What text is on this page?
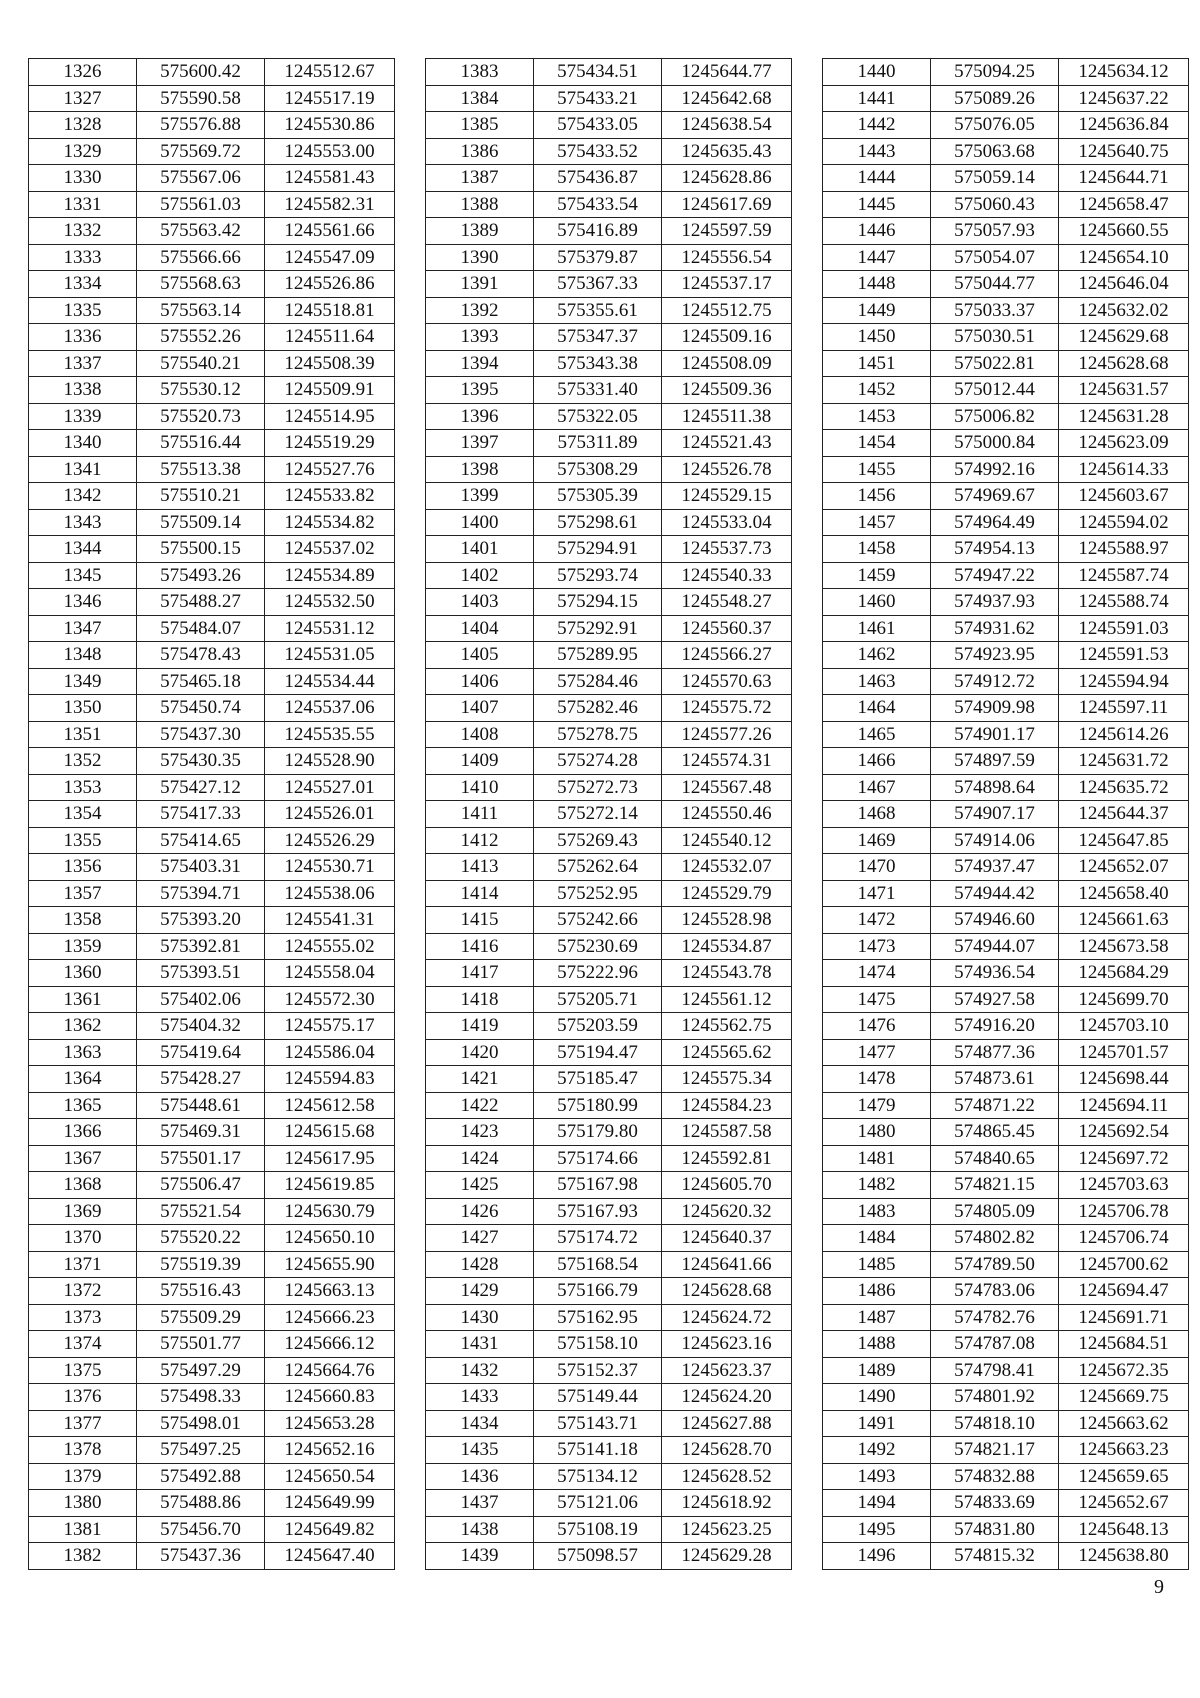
1326	575600.42	1245512.67
1327	575590.58	1245517.19
1328	575576.88	1245530.86
1329	575569.72	1245553.00
1330	575567.06	1245581.43
1331	575561.03	1245582.31
1332	575563.42	1245561.66
1333	575566.66	1245547.09
1334	575568.63	1245526.86
1335	575563.14	1245518.81
1336	575552.26	1245511.64
1337	575540.21	1245508.39
1338	575530.12	1245509.91
1339	575520.73	1245514.95
1340	575516.44	1245519.29
1341	575513.38	1245527.76
1342	575510.21	1245533.82
1343	575509.14	1245534.82
1344	575500.15	1245537.02
1345	575493.26	1245534.89
1346	575488.27	1245532.50
1347	575484.07	1245531.12
1348	575478.43	1245531.05
1349	575465.18	1245534.44
1350	575450.74	1245537.06
1351	575437.30	1245535.55
1352	575430.35	1245528.90
1353	575427.12	1245527.01
1354	575417.33	1245526.01
1355	575414.65	1245526.29
1356	575403.31	1245530.71
1357	575394.71	1245538.06
1358	575393.20	1245541.31
1359	575392.81	1245555.02
1360	575393.51	1245558.04
1361	575402.06	1245572.30
1362	575404.32	1245575.17
1363	575419.64	1245586.04
1364	575428.27	1245594.83
1365	575448.61	1245612.58
1366	575469.31	1245615.68
1367	575501.17	1245617.95
1368	575506.47	1245619.85
1369	575521.54	1245630.79
1370	575520.22	1245650.10
1371	575519.39	1245655.90
1372	575516.43	1245663.13
1373	575509.29	1245666.23
1374	575501.77	1245666.12
1375	575497.29	1245664.76
1376	575498.33	1245660.83
1377	575498.01	1245653.28
1378	575497.25	1245652.16
1379	575492.88	1245650.54
1380	575488.86	1245649.99
1381	575456.70	1245649.82
1382	575437.36	1245647.40
1383	575434.51	1245644.77
1384	575433.21	1245642.68
1385	575433.05	1245638.54
1386	575433.52	1245635.43
1387	575436.87	1245628.86
1388	575433.54	1245617.69
1389	575416.89	1245597.59
1390	575379.87	1245556.54
1391	575367.33	1245537.17
1392	575355.61	1245512.75
1393	575347.37	1245509.16
1394	575343.38	1245508.09
1395	575331.40	1245509.36
1396	575322.05	1245511.38
1397	575311.89	1245521.43
1398	575308.29	1245526.78
1399	575305.39	1245529.15
1400	575298.61	1245533.04
1401	575294.91	1245537.73
1402	575293.74	1245540.33
1403	575294.15	1245548.27
1404	575292.91	1245560.37
1405	575289.95	1245566.27
1406	575284.46	1245570.63
1407	575282.46	1245575.72
1408	575278.75	1245577.26
1409	575274.28	1245574.31
1410	575272.73	1245567.48
1411	575272.14	1245550.46
1412	575269.43	1245540.12
1413	575262.64	1245532.07
1414	575252.95	1245529.79
1415	575242.66	1245528.98
1416	575230.69	1245534.87
1417	575222.96	1245543.78
1418	575205.71	1245561.12
1419	575203.59	1245562.75
1420	575194.47	1245565.62
1421	575185.47	1245575.34
1422	575180.99	1245584.23
1423	575179.80	1245587.58
1424	575174.66	1245592.81
1425	575167.98	1245605.70
1426	575167.93	1245620.32
1427	575174.72	1245640.37
1428	575168.54	1245641.66
1429	575166.79	1245628.68
1430	575162.95	1245624.72
1431	575158.10	1245623.16
1432	575152.37	1245623.37
1433	575149.44	1245624.20
1434	575143.71	1245627.88
1435	575141.18	1245628.70
1436	575134.12	1245628.52
1437	575121.06	1245618.92
1438	575108.19	1245623.25
1439	575098.57	1245629.28
1440	575094.25	1245634.12
1441	575089.26	1245637.22
1442	575076.05	1245636.84
1443	575063.68	1245640.75
1444	575059.14	1245644.71
1445	575060.43	1245658.47
1446	575057.93	1245660.55
1447	575054.07	1245654.10
1448	575044.77	1245646.04
1449	575033.37	1245632.02
1450	575030.51	1245629.68
1451	575022.81	1245628.68
1452	575012.44	1245631.57
1453	575006.82	1245631.28
1454	575000.84	1245623.09
1455	574992.16	1245614.33
1456	574969.67	1245603.67
1457	574964.49	1245594.02
1458	574954.13	1245588.97
1459	574947.22	1245587.74
1460	574937.93	1245588.74
1461	574931.62	1245591.03
1462	574923.95	1245591.53
1463	574912.72	1245594.94
1464	574909.98	1245597.11
1465	574901.17	1245614.26
1466	574897.59	1245631.72
1467	574898.64	1245635.72
1468	574907.17	1245644.37
1469	574914.06	1245647.85
1470	574937.47	1245652.07
1471	574944.42	1245658.40
1472	574946.60	1245661.63
1473	574944.07	1245673.58
1474	574936.54	1245684.29
1475	574927.58	1245699.70
1476	574916.20	1245703.10
1477	574877.36	1245701.57
1478	574873.61	1245698.44
1479	574871.22	1245694.11
1480	574865.45	1245692.54
1481	574840.65	1245697.72
1482	574821.15	1245703.63
1483	574805.09	1245706.78
1484	574802.82	1245706.74
1485	574789.50	1245700.62
1486	574783.06	1245694.47
1487	574782.76	1245691.71
1488	574787.08	1245684.51
1489	574798.41	1245672.35
1490	574801.92	1245669.75
1491	574818.10	1245663.62
1492	574821.17	1245663.23
1493	574832.88	1245659.65
1494	574833.69	1245652.67
1495	574831.80	1245648.13
1496	574815.32	1245638.80
9
